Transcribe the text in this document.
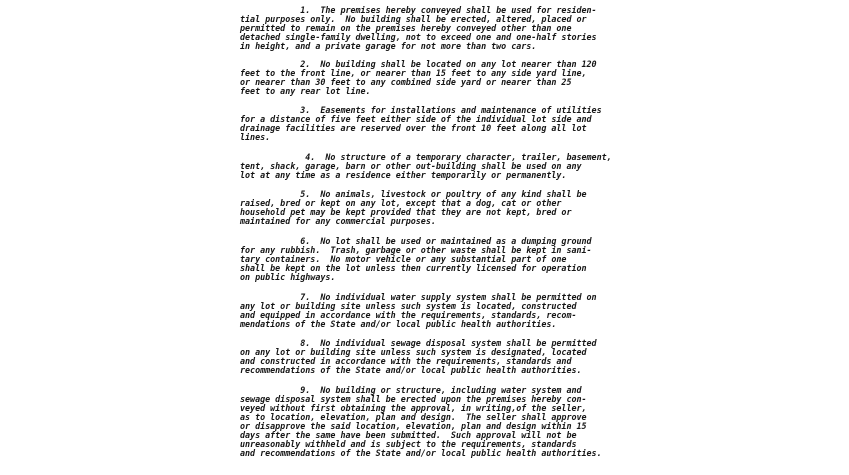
1.  The premises hereby conveyed shall be used for residen-

tial purposes only.  No building shall be erected, altered, placed or

permitted to remain on the premises hereby conveyed other than one

detached single-family dwelling, not to exceed one and one-half stories

in height, and a private garage for not more than two cars.

2.  No building shall be located on any lot nearer than 120

feet to the front line, or nearer than 15 feet to any side yard line,

or nearer than 30 feet to any combined side yard or nearer than 25

feet to any rear lot line.

3.  Easements for installations and maintenance of utilities

for a distance of five feet either side of the individual lot side and

drainage facilities are reserved over the front 10 feet along all lot

lines.

4.  No structure of a temporary character, trailer, basement,

tent, shack, garage, barn or other out-building shall be used on any

lot at any time as a residence either temporarily or permanently.

5.  No animals, livestock or poultry of any kind shall be

raised, bred or kept on any lot, except that a dog, cat or other

household pet may be kept provided that they are not kept, bred or

maintained for any commercial purposes.

6.  No lot shall be used or maintained as a dumping ground

for any rubbish.  Trash, garbage or other waste shall be kept in sani-

tary containers.  No motor vehicle or any substantial part of one

shall be kept on the lot unless then currently licensed for operation

on public highways.

7.  No individual water supply system shall be permitted on

any lot or building site unless such system is located, constructed

and equipped in accordance with the requirements, standards, recom-

mendations of the State and/or local public health authorities.

8.  No individual sewage disposal system shall be permitted

on any lot or building site unless such system is designated, located

and constructed in accordance with the requirements, standards and

recommendations of the State and/or local public health authorities.

9.  No building or structure, including water system and

sewage disposal system shall be erected upon the premises hereby con-

veyed without first obtaining the approval, in writing,of the seller,

as to location, elevation, plan and design.  The seller shall approve

or disapprove the said location, elevation, plan and design within 15

days after the same have been submitted.  Such approval will not be

unreasonably withheld and is subject to the requirements, standards

and recommendations of the State and/or local public health authorities.
